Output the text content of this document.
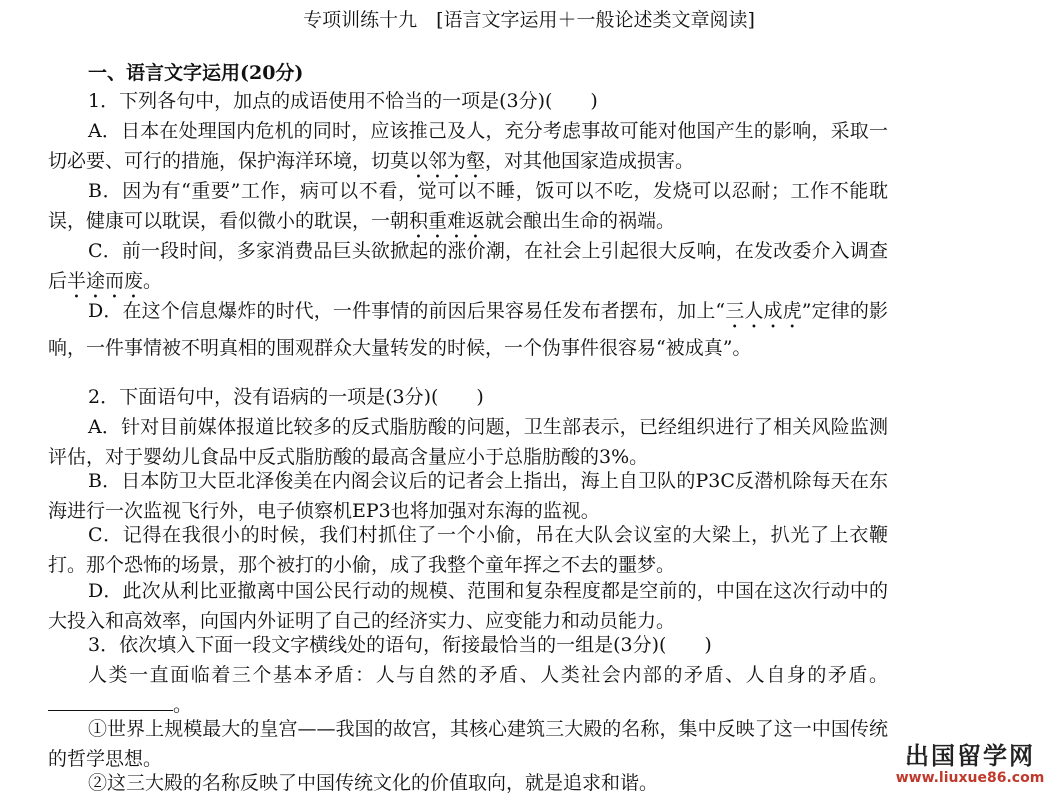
专项训练十九　[语言文字运用＋一般论述类文章阅读]
一、语言文字运用(20分)
1．下列各句中，加点的成语使用不恰当的一项是(3分)(　　)
A．日本在处理国内危机的同时，应该推己及人，充分考虑事故可能对他国产生的影响，采取一切必要、可行的措施，保护海洋环境，切莫以邻为壑，对其他国家造成损害。
B．因为有“重要”工作，病可以不看，觉可以不睡，饭可以不吃，发烧可以忍耐；工作不能耽误，健康可以耽误，看似微小的耽误，一朝积重难返就会酿出生命的祸端。
C．前一段时间，多家消费品巨头欲掀起的涨价潮，在社会上引起很大反响，在发改委介入调查后半途而废。
D．在这个信息爆炸的时代，一件事情的前因后果容易任发布者摆布，加上“三人成虎”定律的影响，一件事情被不明真相的围观群众大量转发的时候，一个伪事件很容易“被成真”。
2．下面语句中，没有语病的一项是(3分)(　　)
A．针对目前媒体报道比较多的反式脂肪酸的问题，卫生部表示，已经组织进行了相关风险监测评估，对于婴幼儿食品中反式脂肪酸的最高含量应小于总脂肪酸的3%。
B．日本防卫大臣北泽俊美在内阁会议后的记者会上指出，海上自卫队的P3C反潜机除每天在东海进行一次监视飞行外，电子侦察机EP3也将加强对东海的监视。
C．记得在我很小的时候，我们村抓住了一个小偷，吊在大队会议室的大梁上，扒光了上衣鞭打。那个恐怖的场景，那个被打的小偷，成了我整个童年挥之不去的噩梦。
D．此次从利比亚撤离中国公民行动的规模、范围和复杂程度都是空前的，中国在这次行动中的大投入和高效率，向国内外证明了自己的经济实力、应变能力和动员能力。
3．依次填入下面一段文字横线处的语句，衔接最恰当的一组是(3分)(　　)
人类一直面临着三个基本矛盾：人与自然的矛盾、人类社会内部的矛盾、人自身的矛盾。。
①世界上规模最大的皇宫——我国的故宫，其核心建筑三大殿的名称，集中反映了这一中国传统的哲学思想。
②这三大殿的名称反映了中国传统文化的价值取向，就是追求和谐。
出国留学网
www.liuxue86.com
